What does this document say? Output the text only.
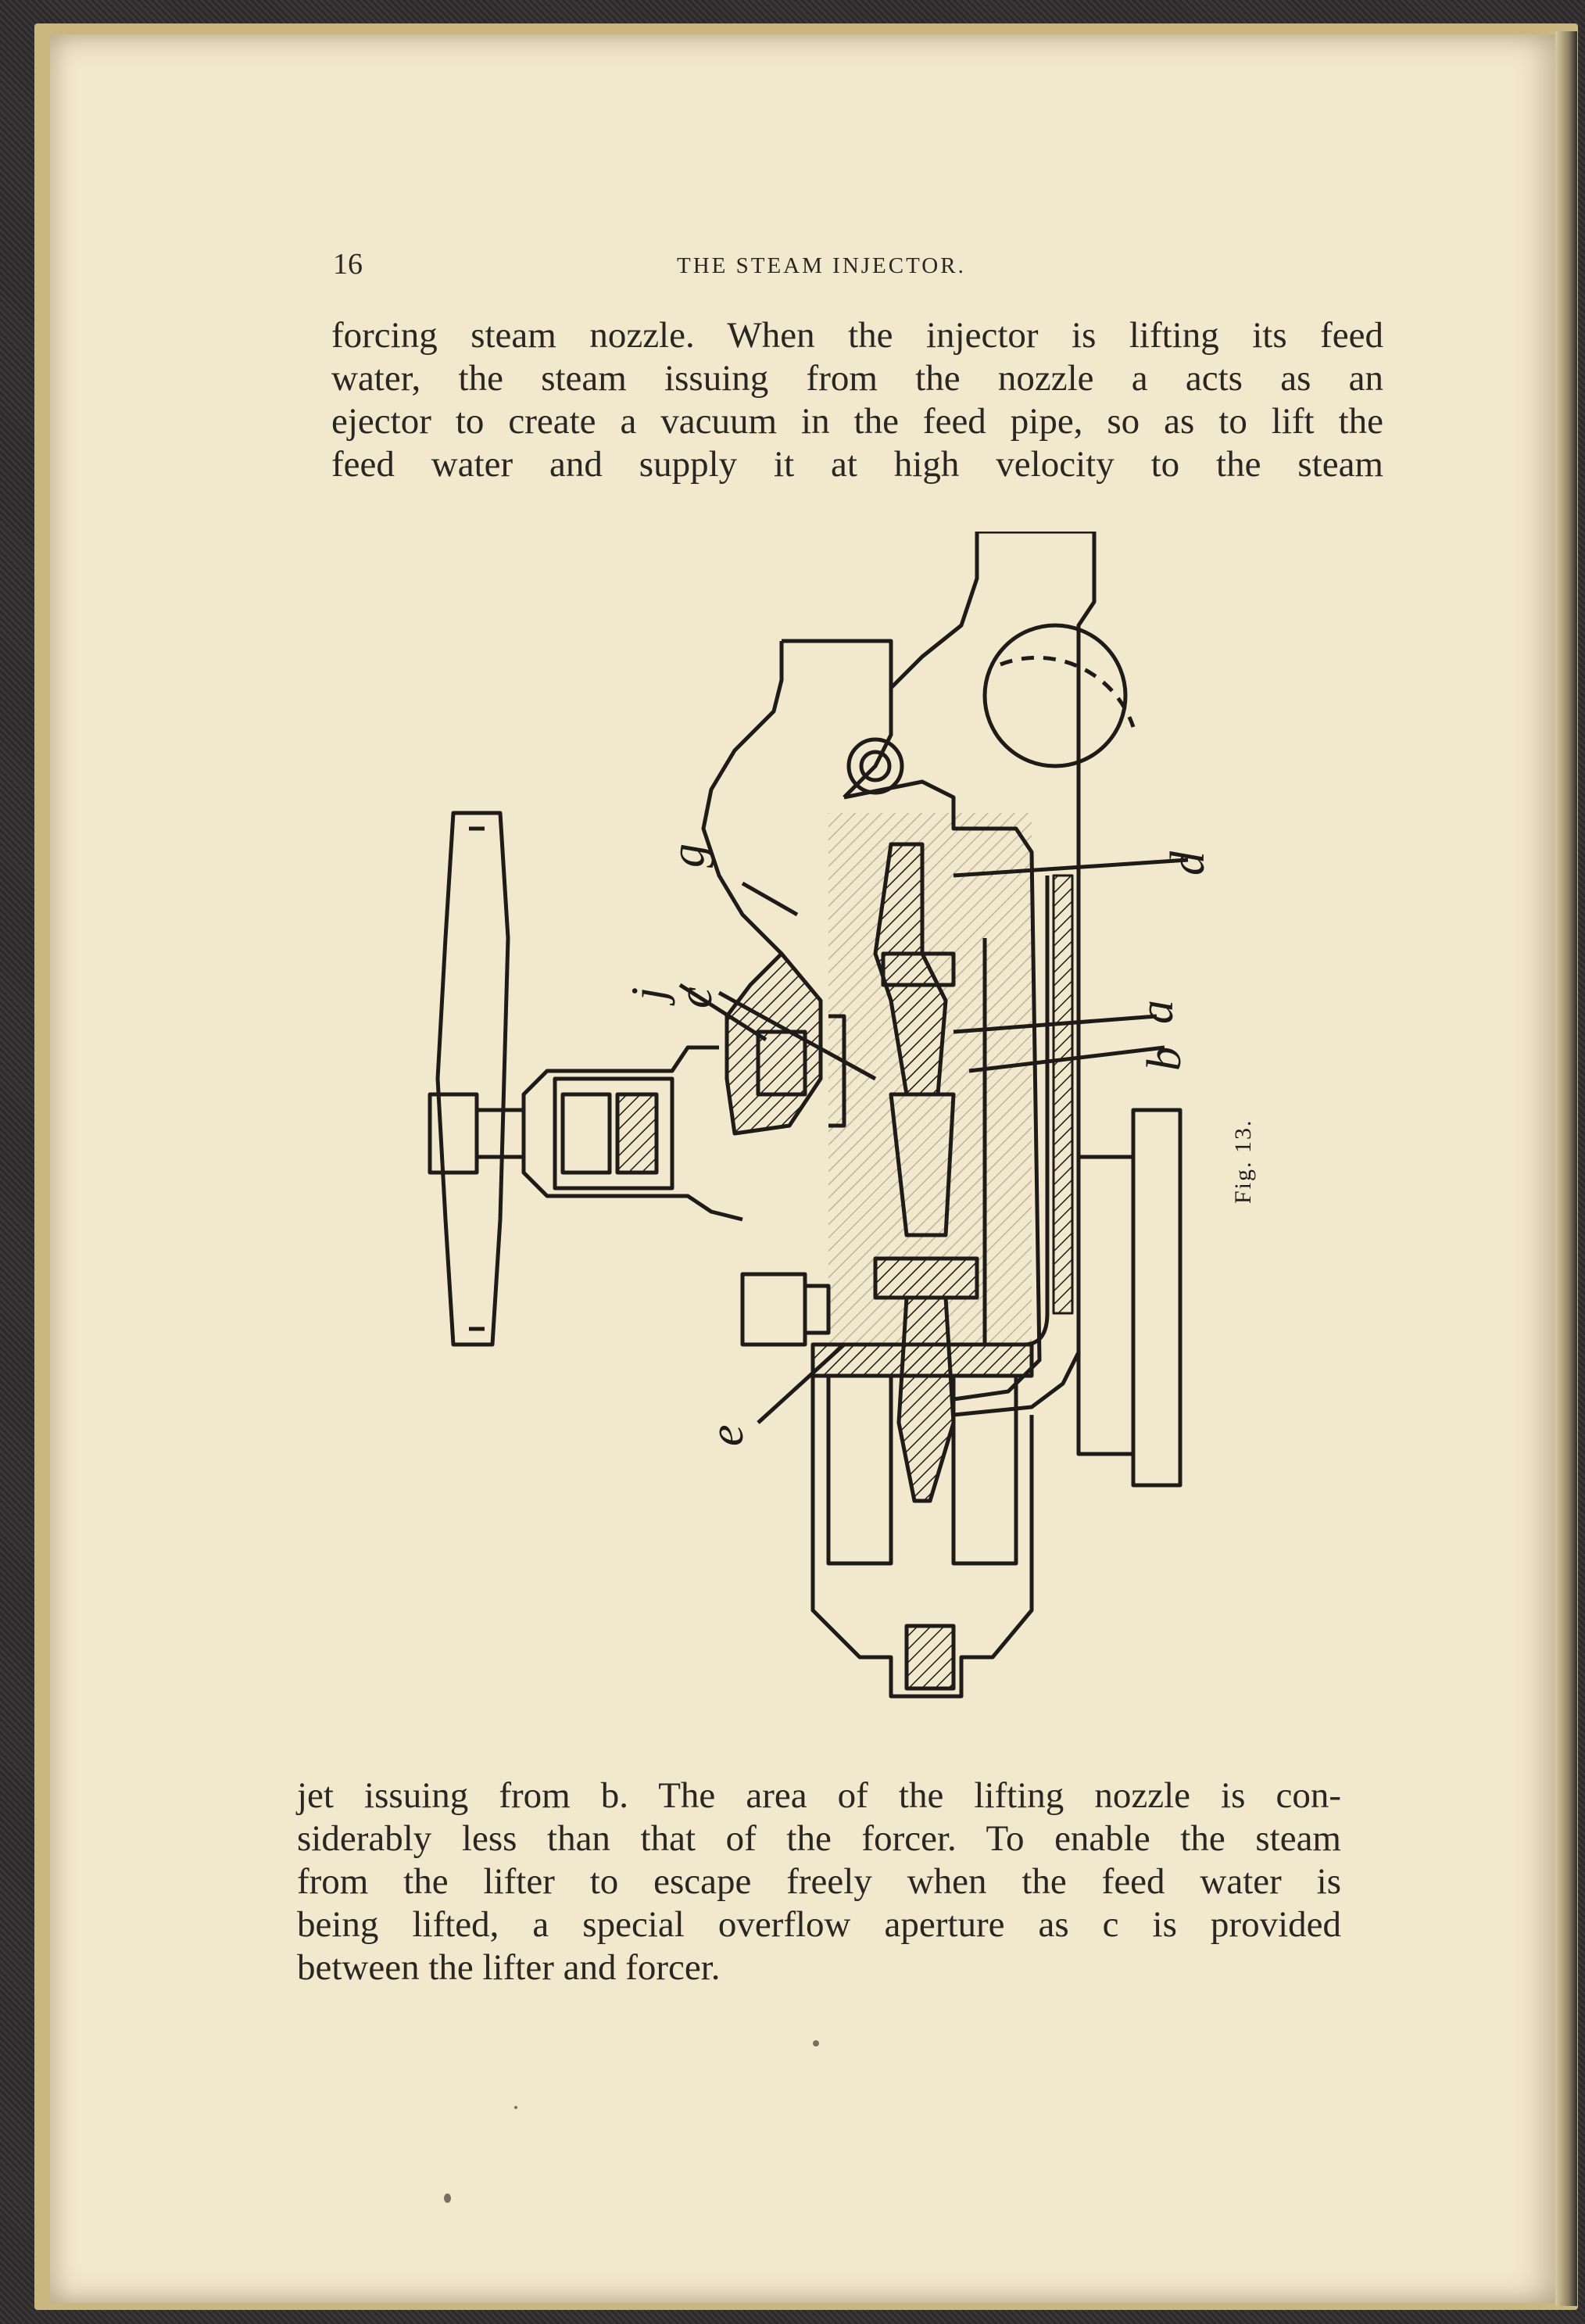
16	THE STEAM INJECTOR.
forcing steam nozzle. When the injector is lifting its feed
water, the steam issuing from the nozzle a acts as an
ejector to create a vacuum in the feed pipe, so as to lift the
feed water and supply it at high velocity to the steam
g
j
c
d
a
b
e
Fig. 13.
jet issuing from b. The area of the lifting nozzle is con-
siderably less than that of the forcer. To enable the steam
from the lifter to escape freely when the feed water is
being lifted, a special overflow aperture as c is provided
between the lifter and forcer.
